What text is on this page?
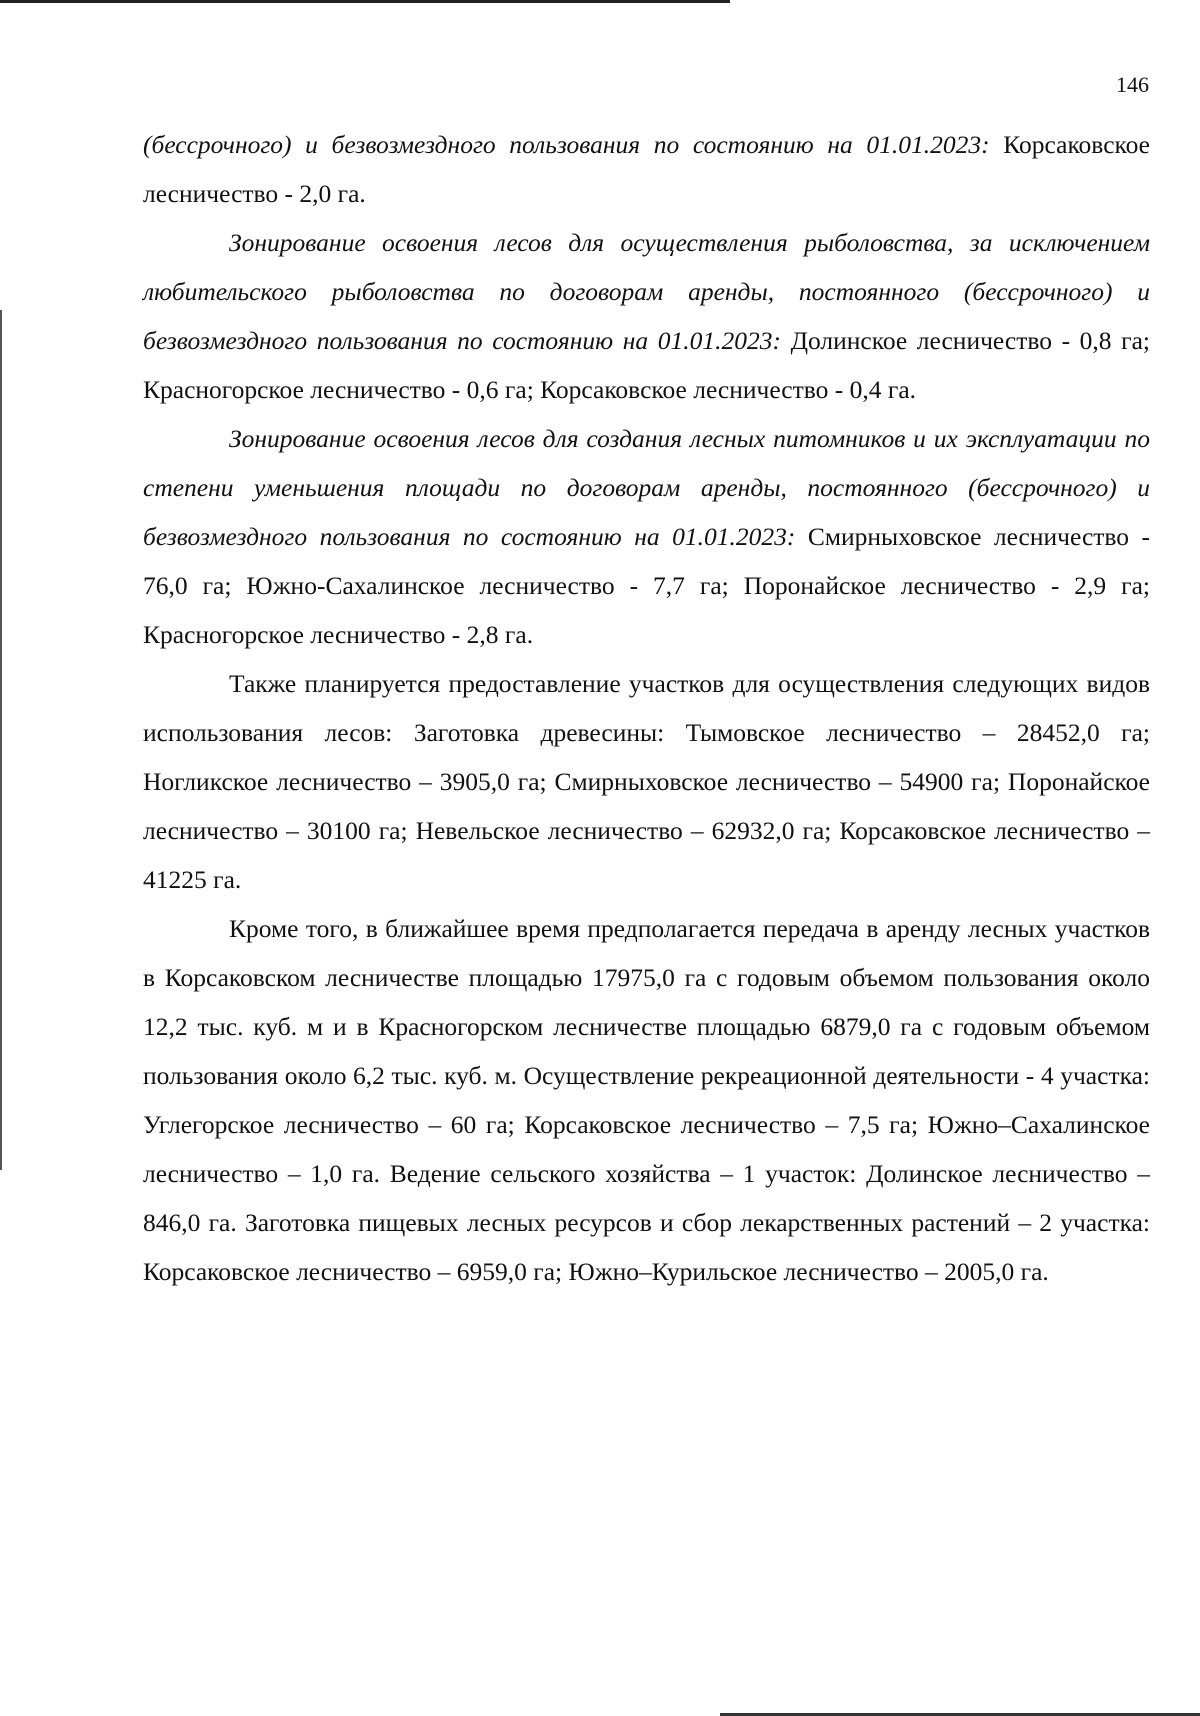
146

(бессрочного) и безвозмездного пользования по состоянию на 01.01.2023: Корсаковское лесничество - 2,0 га.

Зонирование освоения лесов для осуществления рыболовства, за исключением любительского рыболовства по договорам аренды, постоянного (бессрочного) и безвозмездного пользования по состоянию на 01.01.2023: Долинское лесничество - 0,8 га; Красногорское лесничество - 0,6 га; Корсаковское лесничество - 0,4 га.

Зонирование освоения лесов для создания лесных питомников и их эксплуатации по степени уменьшения площади по договорам аренды, постоянного (бессрочного) и безвозмездного пользования по состоянию на 01.01.2023: Смирныховское лесничество - 76,0 га; Южно-Сахалинское лесничество - 7,7 га; Поронайское лесничество - 2,9 га; Красногорское лесничество - 2,8 га.

Также планируется предоставление участков для осуществления следующих видов использования лесов: Заготовка древесины: Тымовское лесничество – 28452,0 га; Ногликское лесничество – 3905,0 га; Смирныховское лесничество – 54900 га; Поронайское лесничество – 30100 га; Невельское лесничество – 62932,0 га; Корсаковское лесничество – 41225 га.

Кроме того, в ближайшее время предполагается передача в аренду лесных участков в Корсаковском лесничестве площадью 17975,0 га с годовым объемом пользования около 12,2 тыс. куб. м и в Красногорском лесничестве площадью 6879,0 га с годовым объемом пользования около 6,2 тыс. куб. м. Осуществление рекреационной деятельности - 4 участка: Углегорское лесничество – 60 га; Корсаковское лесничество – 7,5 га; Южно–Сахалинское лесничество – 1,0 га. Ведение сельского хозяйства – 1 участок: Долинское лесничество – 846,0 га. Заготовка пищевых лесных ресурсов и сбор лекарственных растений – 2 участка: Корсаковское лесничество – 6959,0 га; Южно–Курильское лесничество – 2005,0 га.
